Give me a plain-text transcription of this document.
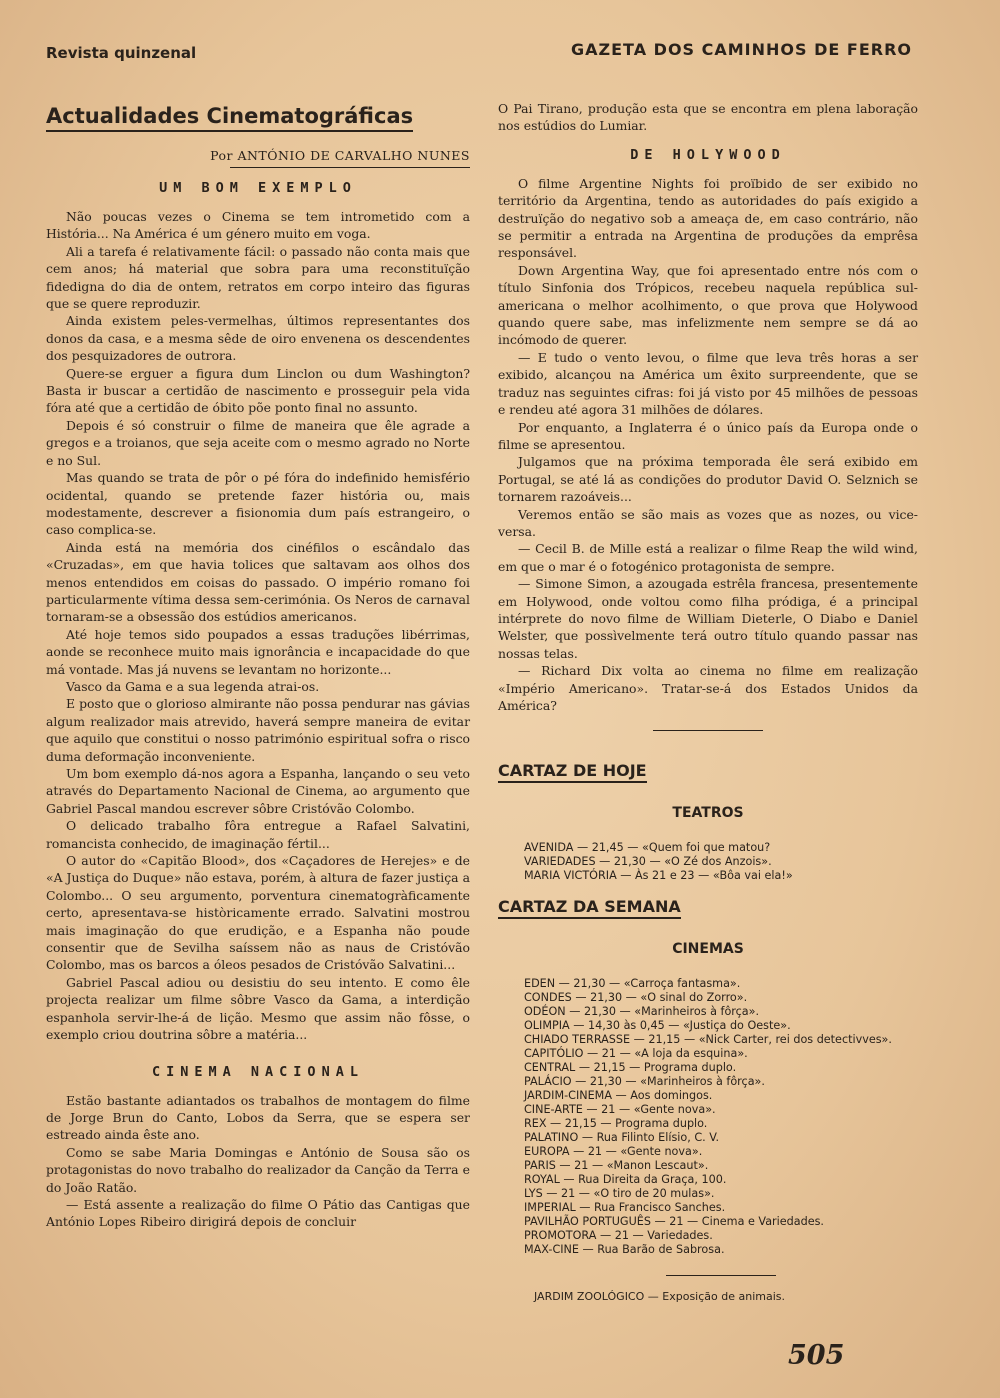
Revista quinzenal	GAZETA DOS CAMINHOS DE FERRO
Actualidades Cinematográficas
Por ANTÓNIO DE CARVALHO NUNES
UM BOM EXEMPLO

Não poucas vezes o Cinema se tem intrometido com a História... Na América é um género muito em voga.

Ali a tarefa é relativamente fácil: o passado não conta mais que cem anos; há material que sobra para uma reconstituïção fidedigna do dia de ontem, retratos em corpo inteiro das figuras que se quere reproduzir.

Ainda existem peles-vermelhas, últimos representantes dos donos da casa, e a mesma sêde de oiro envenena os descendentes dos pesquizadores de outrora.

Quere-se erguer a figura dum Linclon ou dum Washington? Basta ir buscar a certidão de nascimento e prosseguir pela vida fóra até que a certidão de óbito põe ponto final no assunto.

Depois é só construir o filme de maneira que êle agrade a gregos e a troianos, que seja aceite com o mesmo agrado no Norte e no Sul.

Mas quando se trata de pôr o pé fóra do indefinido hemisfério ocidental, quando se pretende fazer história ou, mais modestamente, descrever a fisionomia dum país estrangeiro, o caso complica-se.

Ainda está na memória dos cinéfilos o escândalo das «Cruzadas», em que havia tolices que saltavam aos olhos dos menos entendidos em coisas do passado. O império romano foi particularmente vítima dessa sem-cerimónia. Os Neros de carnaval tornaram-se a obsessão dos estúdios americanos.

Até hoje temos sido poupados a essas traduções libérrimas, aonde se reconhece muito mais ignorância e incapacidade do que má vontade. Mas já nuvens se levantam no horizonte...

Vasco da Gama e a sua legenda atrai-os.

E posto que o glorioso almirante não possa pendurar nas gávias algum realizador mais atrevido, haverá sempre maneira de evitar que aquilo que constitui o nosso património espiritual sofra o risco duma deformação inconveniente.

Um bom exemplo dá-nos agora a Espanha, lançando o seu veto através do Departamento Nacional de Cinema, ao argumento que Gabriel Pascal mandou escrever sôbre Cristóvão Colombo.

O delicado trabalho fôra entregue a Rafael Salvatini, romancista conhecido, de imaginação fértil...

O autor do «Capitão Blood», dos «Caçadores de Herejes» e de «A Justiça do Duque» não estava, porém, à altura de fazer justiça a Colombo... O seu argumento, porventura cinematogràficamente certo, apresentava-se històricamente errado. Salvatini mostrou mais imaginação do que erudição, e a Espanha não poude consentir que de Sevilha saíssem não as naus de Cristóvão Colombo, mas os barcos a óleos pesados de Cristóvão Salvatini...

Gabriel Pascal adiou ou desistiu do seu intento. E como êle projecta realizar um filme sôbre Vasco da Gama, a interdição espanhola servir-lhe-á de lição. Mesmo que assim não fôsse, o exemplo criou doutrina sôbre a matéria...

CINEMA NACIONAL

Estão bastante adiantados os trabalhos de montagem do filme de Jorge Brun do Canto, Lobos da Serra, que se espera ser estreado ainda êste ano.

Como se sabe Maria Domingas e António de Sousa são os protagonistas do novo trabalho do realizador da Canção da Terra e do João Ratão.

— Está assente a realização do filme O Pátio das Cantigas que António Lopes Ribeiro dirigirá depois de concluir

O Pai Tirano, produção esta que se encontra em plena laboração nos estúdios do Lumiar.

DE HOLYWOOD

O filme Argentine Nights foi proïbido de ser exibido no território da Argentina, tendo as autoridades do país exigido a destruïção do negativo sob a ameaça de, em caso contrário, não se permitir a entrada na Argentina de produções da emprêsa responsável.

Down Argentina Way, que foi apresentado entre nós com o título Sinfonia dos Trópicos, recebeu naquela república sul-americana o melhor acolhimento, o que prova que Holywood quando quere sabe, mas infelizmente nem sempre se dá ao incómodo de querer.

— E tudo o vento levou, o filme que leva três horas a ser exibido, alcançou na América um êxito surpreendente, que se traduz nas seguintes cifras: foi já visto por 45 milhões de pessoas e rendeu até agora 31 milhões de dólares.

Por enquanto, a Inglaterra é o único país da Europa onde o filme se apresentou.

Julgamos que na próxima temporada êle será exibido em Portugal, se até lá as condições do produtor David O. Selznich se tornarem razoáveis...

Veremos então se são mais as vozes que as nozes, ou vice-versa.

— Cecil B. de Mille está a realizar o filme Reap the wild wind, em que o mar é o fotogénico protagonista de sempre.

— Simone Simon, a azougada estrêla francesa, presentemente em Holywood, onde voltou como filha pródiga, é a principal intérprete do novo filme de William Dieterle, O Diabo e Daniel Welster, que possìvelmente terá outro título quando passar nas nossas telas.

— Richard Dix volta ao cinema no filme em realização «Império Americano». Tratar-se-á dos Estados Unidos da América?

CARTAZ DE HOJE
TEATROS
AVENIDA — 21,45 — «Quem foi que matou?
VARIEDADES — 21,30 — «O Zé dos Anzois».
MARIA VICTÓRIA — Às 21 e 23 — «Bôa vai ela!»
CARTAZ DA SEMANA
CINEMAS
EDEN — 21,30 — «Carroça fantasma».
CONDES — 21,30 — «O sinal do Zorro».
ODÉON — 21,30 — «Marinheiros à fôrça».
OLIMPIA — 14,30 às 0,45 — «Justiça do Oeste».
CHIADO TERRASSE — 21,15 — «Nick Carter, rei dos detectivves».
CAPITÓLIO — 21 — «A loja da esquina».
CENTRAL — 21,15 — Programa duplo.
PALÁCIO — 21,30 — «Marinheiros à fôrça».
JARDIM-CINEMA — Aos domingos.
CINE-ARTE — 21 — «Gente nova».
REX — 21,15 — Programa duplo.
PALATINO — Rua Filinto Elísio, C. V.
EUROPA — 21 — «Gente nova».
PARIS — 21 — «Manon Lescaut».
ROYAL — Rua Direita da Graça, 100.
LYS — 21 — «O tiro de 20 mulas».
IMPERIAL — Rua Francisco Sanches.
PAVILHÃO PORTUGUÊS — 21 — Cinema e Variedades.
PROMOTORA — 21 — Variedades.
MAX-CINE — Rua Barão de Sabrosa.
JARDIM ZOOLÓGICO — Exposição de animais.
505
